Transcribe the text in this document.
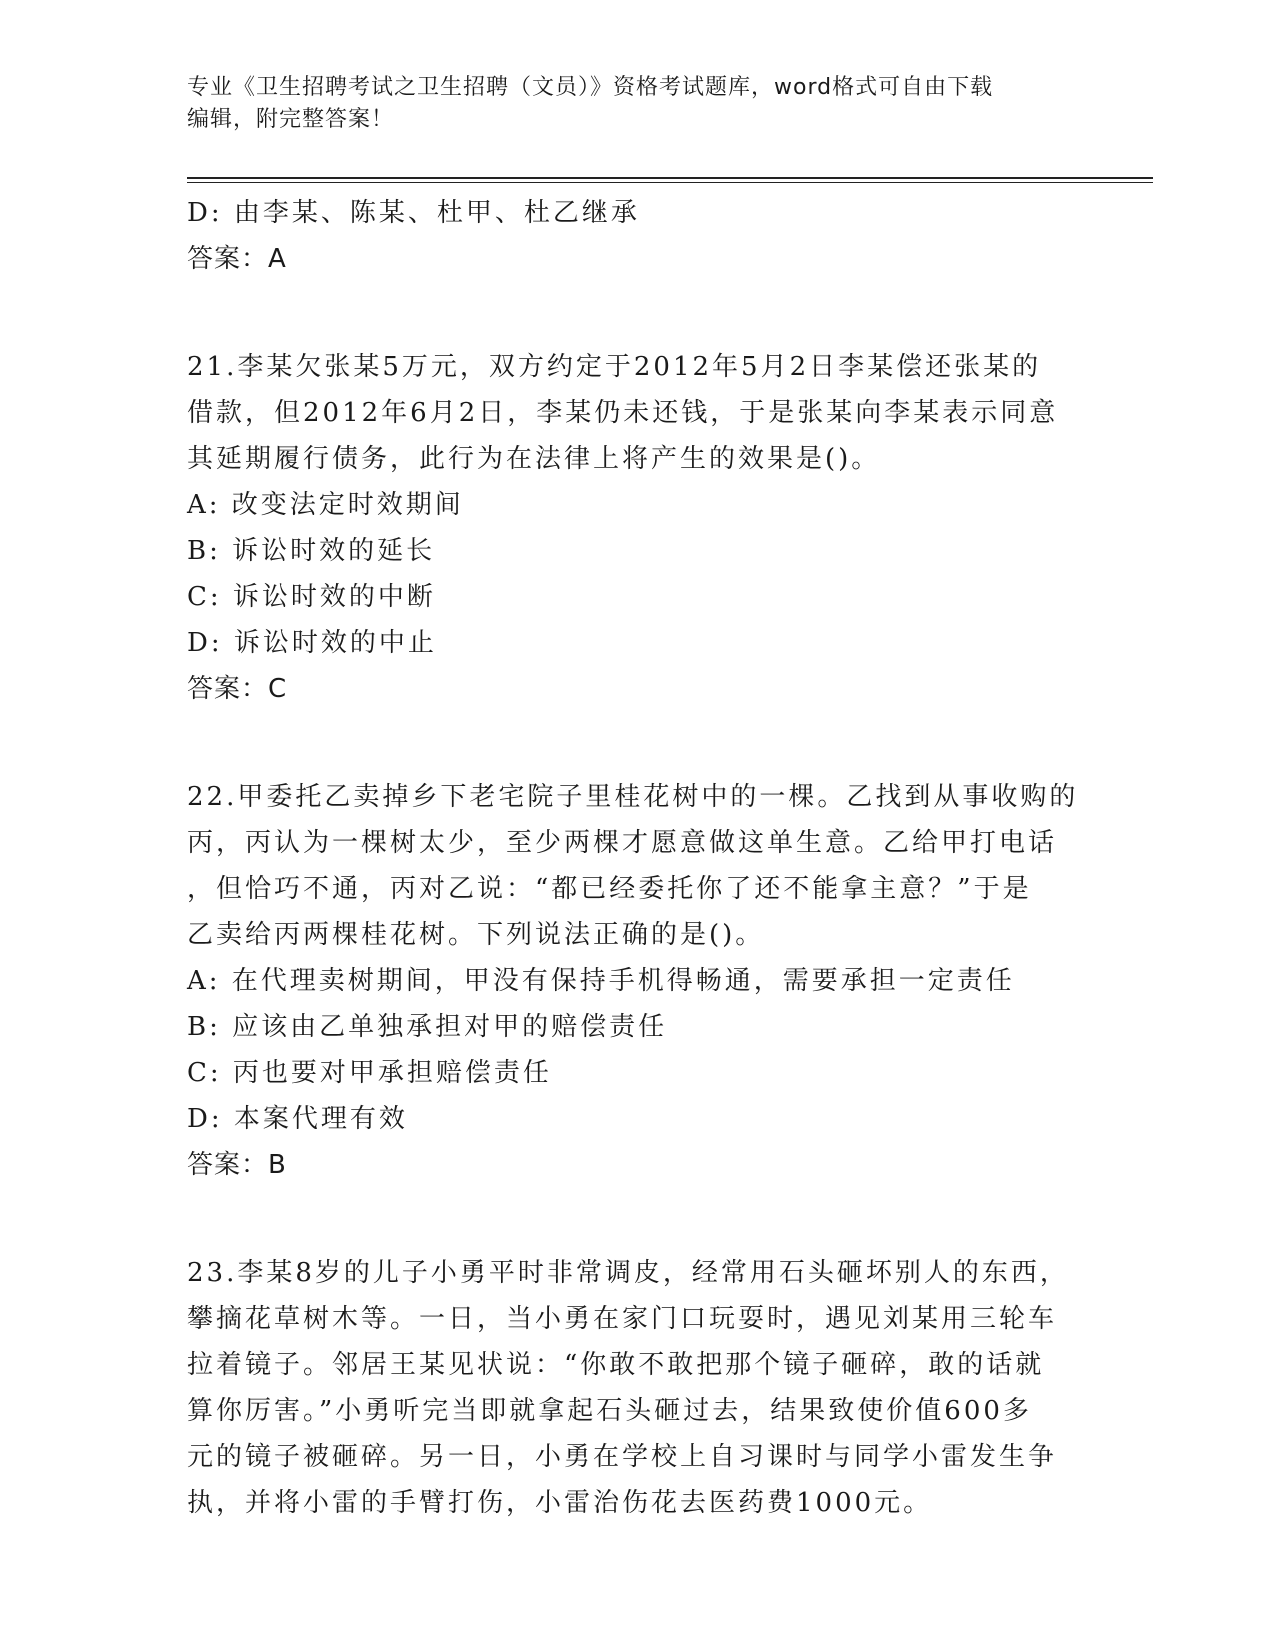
专业《卫生招聘考试之卫生招聘（文员）》资格考试题库，word格式可自由下载
编辑，附完整答案！
D: 由李某、陈某、杜甲、杜乙继承
答案：A
21.李某欠张某5万元，双方约定于2012年5月2日李某偿还张某的
借款，但2012年6月2日，李某仍未还钱，于是张某向李某表示同意
其延期履行债务，此行为在法律上将产生的效果是()。
A: 改变法定时效期间
B: 诉讼时效的延长
C: 诉讼时效的中断
D: 诉讼时效的中止
答案：C
22.甲委托乙卖掉乡下老宅院子里桂花树中的一棵。乙找到从事收购的
丙，丙认为一棵树太少，至少两棵才愿意做这单生意。乙给甲打电话
，但恰巧不通，丙对乙说：“都已经委托你了还不能拿主意？”于是
乙卖给丙两棵桂花树。下列说法正确的是()。
A: 在代理卖树期间，甲没有保持手机得畅通，需要承担一定责任
B: 应该由乙单独承担对甲的赔偿责任
C: 丙也要对甲承担赔偿责任
D: 本案代理有效
答案：B
23.李某8岁的儿子小勇平时非常调皮，经常用石头砸坏别人的东西，
攀摘花草树木等。一日，当小勇在家门口玩耍时，遇见刘某用三轮车
拉着镜子。邻居王某见状说：“你敢不敢把那个镜子砸碎，敢的话就
算你厉害。”小勇听完当即就拿起石头砸过去，结果致使价值600多
元的镜子被砸碎。另一日，小勇在学校上自习课时与同学小雷发生争
执，并将小雷的手臂打伤，小雷治伤花去医药费1000元。
